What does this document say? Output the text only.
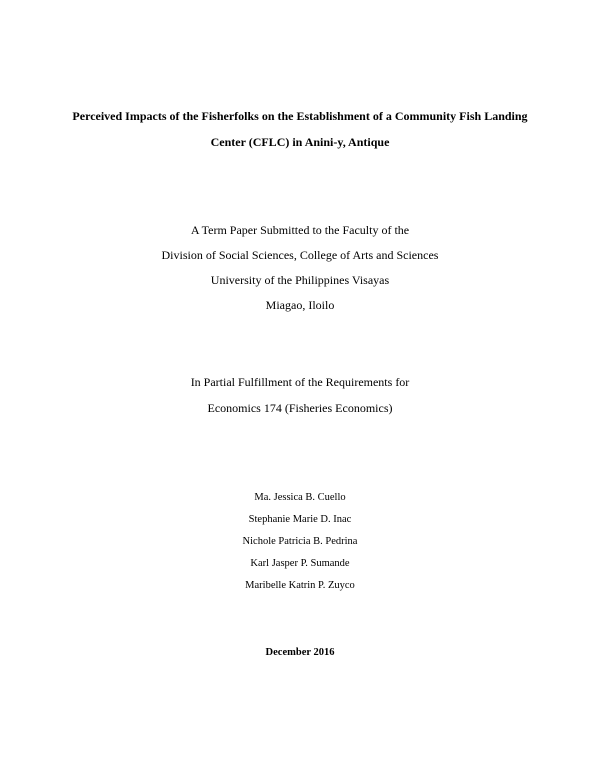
Perceived Impacts of the Fisherfolks on the Establishment of a Community Fish Landing
Center (CFLC) in Anini-y, Antique
A Term Paper Submitted to the Faculty of the
Division of Social Sciences, College of Arts and Sciences
University of the Philippines Visayas
Miagao, Iloilo
In Partial Fulfillment of the Requirements for
Economics 174 (Fisheries Economics)
Ma. Jessica B. Cuello
Stephanie Marie D. Inac
Nichole Patricia B. Pedrina
Karl Jasper P. Sumande
Maribelle Katrin P. Zuyco
December 2016
